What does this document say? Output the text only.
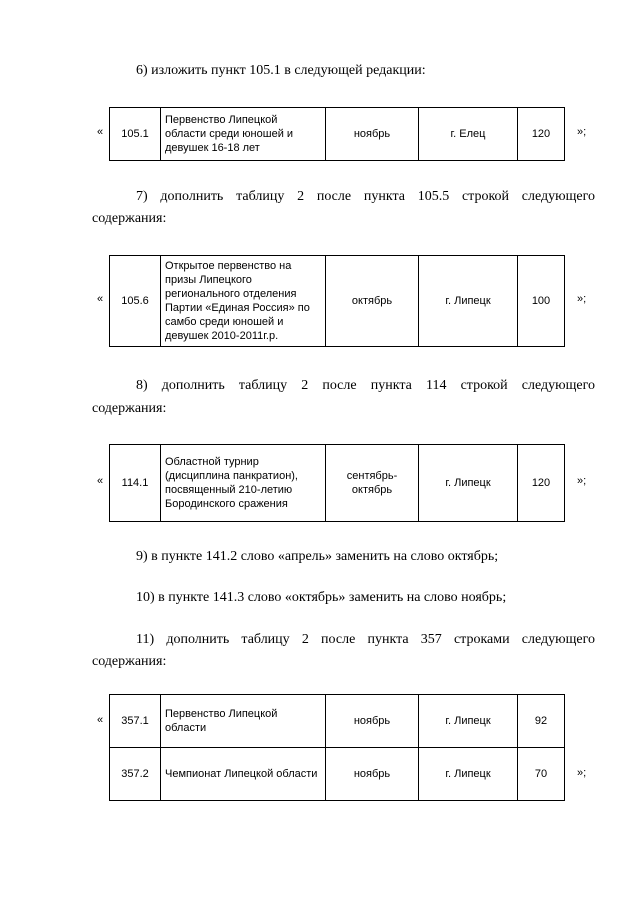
6) изложить пункт 105.1 в следующей редакции:

« 105.1	Первенство Липецкой области среди юношей и девушек 16-18 лет	ноябрь	г. Елец	120 »;
7) дополнить таблицу 2 после пункта 105.5 строкой следующего
содержания:
« 105.6	Открытое первенство на призы Липецкого регионального отделения Партии «Единая Россия» по самбо среди юношей и девушек 2010-2011г.р.	октябрь	г. Липецк	100 »;
8) дополнить таблицу 2 после пункта 114 строкой следующего
содержания:
« 114.1	Областной турнир (дисциплина панкратион), посвященный 210-летию Бородинского сражения	сентябрь-октябрь	г. Липецк	120 »;

9) в пункте 141.2 слово «апрель» заменить на слово октябрь;

10) в пункте 141.3 слово «октябрь» заменить на слово ноябрь;

11) дополнить таблицу 2 после пункта 357 строками следующего
содержания:
« 357.1	Первенство Липецкой области	ноябрь	г. Липецк	92
357.2	Чемпионат Липецкой области	ноябрь	г. Липецк	70	»;
